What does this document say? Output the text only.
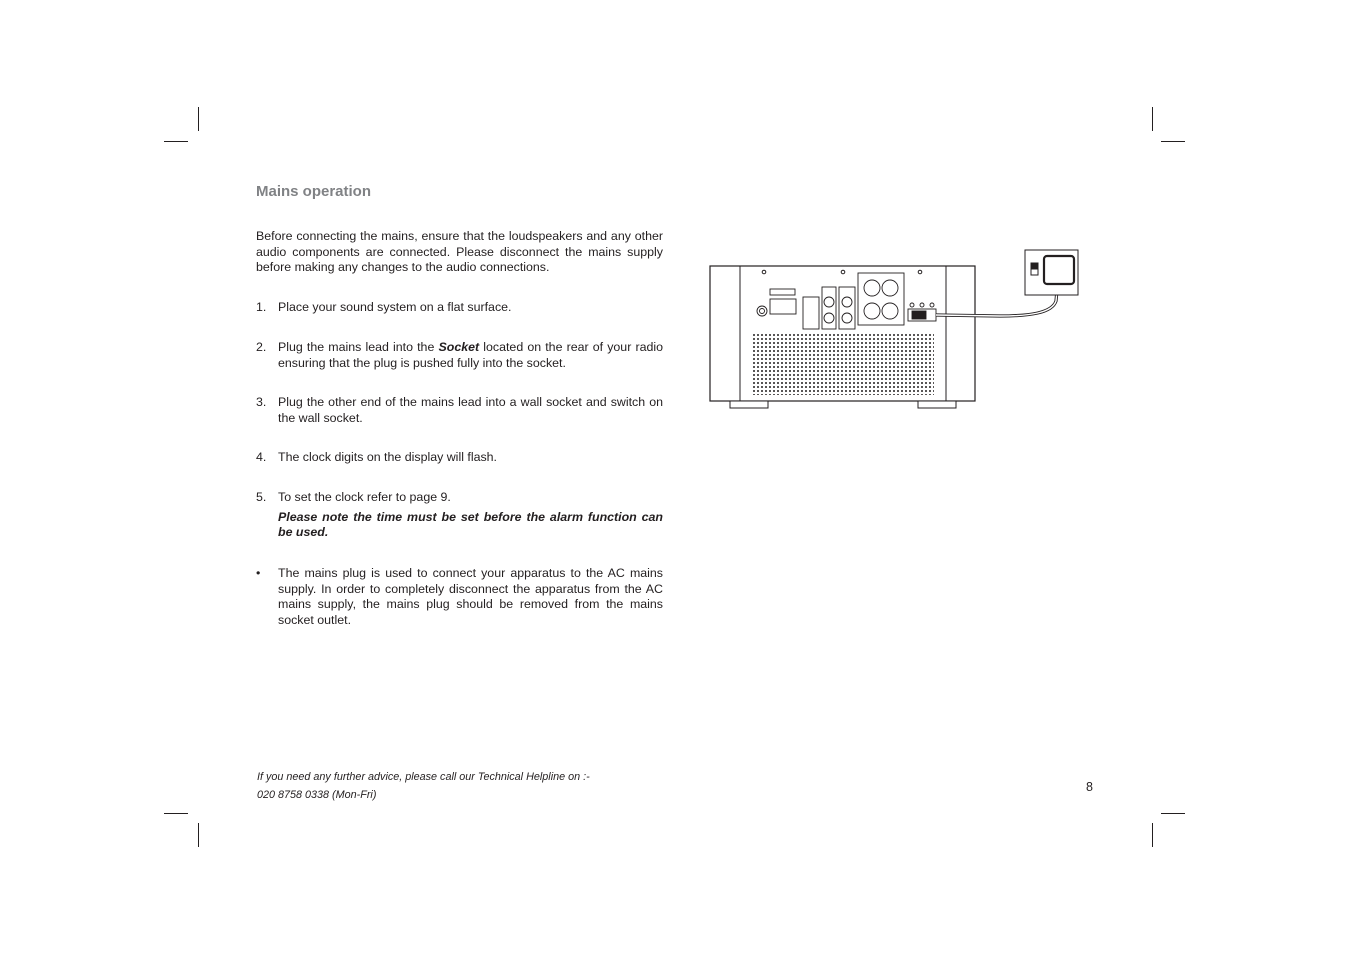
Mains operation

Before connecting the mains, ensure that the loudspeakers and any other audio components are connected. Please disconnect the mains supply before making any changes to the audio connections.

1. Place your sound system on a flat surface.
2. Plug the mains lead into the Socket located on the rear of your radio ensuring that the plug is pushed fully into the socket.
3. Plug the other end of the mains lead into a wall socket and switch on the wall socket.
4. The clock digits on the display will flash.
5. To set the clock refer to page 9.
Please note the time must be set before the alarm function can be used.
•	The mains plug is used to connect your apparatus to the AC mains supply. In order to completely disconnect the apparatus from the AC mains supply, the mains plug should be removed from the mains socket outlet.
If you need any further advice, please call our Technical Helpline on :-
020 8758 0338 (Mon-Fri)
8
